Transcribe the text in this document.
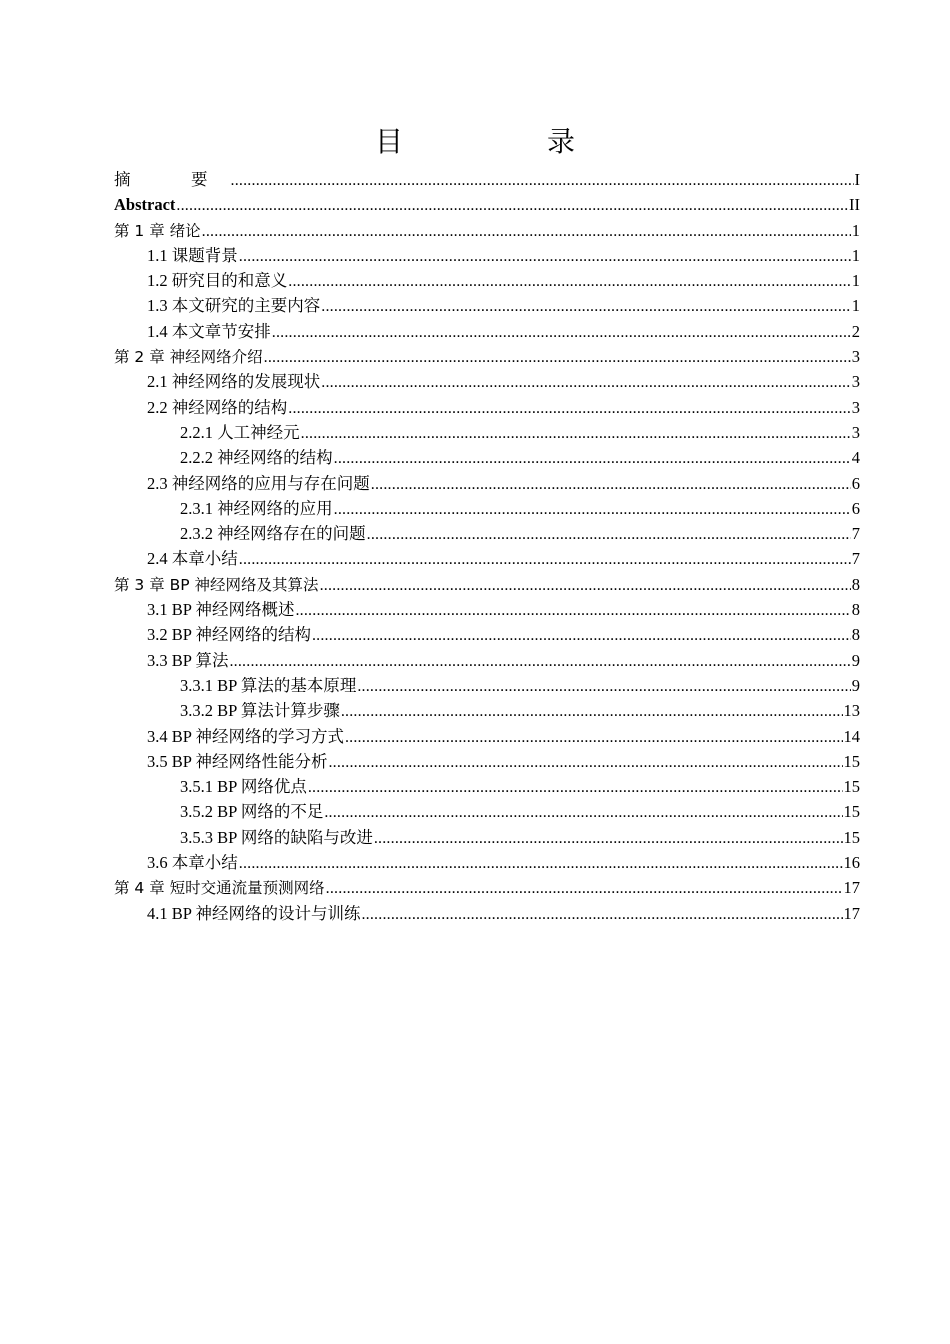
目　录
摘　要 .....	I
Abstract .....	II
第 1 章 绪论 .....	1
1.1 课题背景 .....	1
1.2 研究目的和意义 .....	1
1.3 本文研究的主要内容 .....	1
1.4 本文章节安排 .....	2
第 2 章 神经网络介绍 .....	3
2.1 神经网络的发展现状 .....	3
2.2 神经网络的结构 .....	3
2.2.1 人工神经元 .....	3
2.2.2 神经网络的结构 .....	4
2.3 神经网络的应用与存在问题 .....	6
2.3.1 神经网络的应用 .....	6
2.3.2 神经网络存在的问题 .....	7
2.4 本章小结 .....	7
第 3 章 BP 神经网络及其算法 .....	8
3.1 BP 神经网络概述 .....	8
3.2 BP 神经网络的结构 .....	8
3.3 BP 算法 .....	9
3.3.1 BP 算法的基本原理 .....	9
3.3.2 BP 算法计算步骤 .....	13
3.4 BP 神经网络的学习方式 .....	14
3.5 BP 神经网络性能分析 .....	15
3.5.1 BP 网络优点 .....	15
3.5.2 BP 网络的不足 .....	15
3.5.3 BP 网络的缺陷与改进 .....	15
3.6 本章小结 .....	16
第 4 章 短时交通流量预测网络 .....	17
4.1 BP 神经网络的设计与训练 .....	17
